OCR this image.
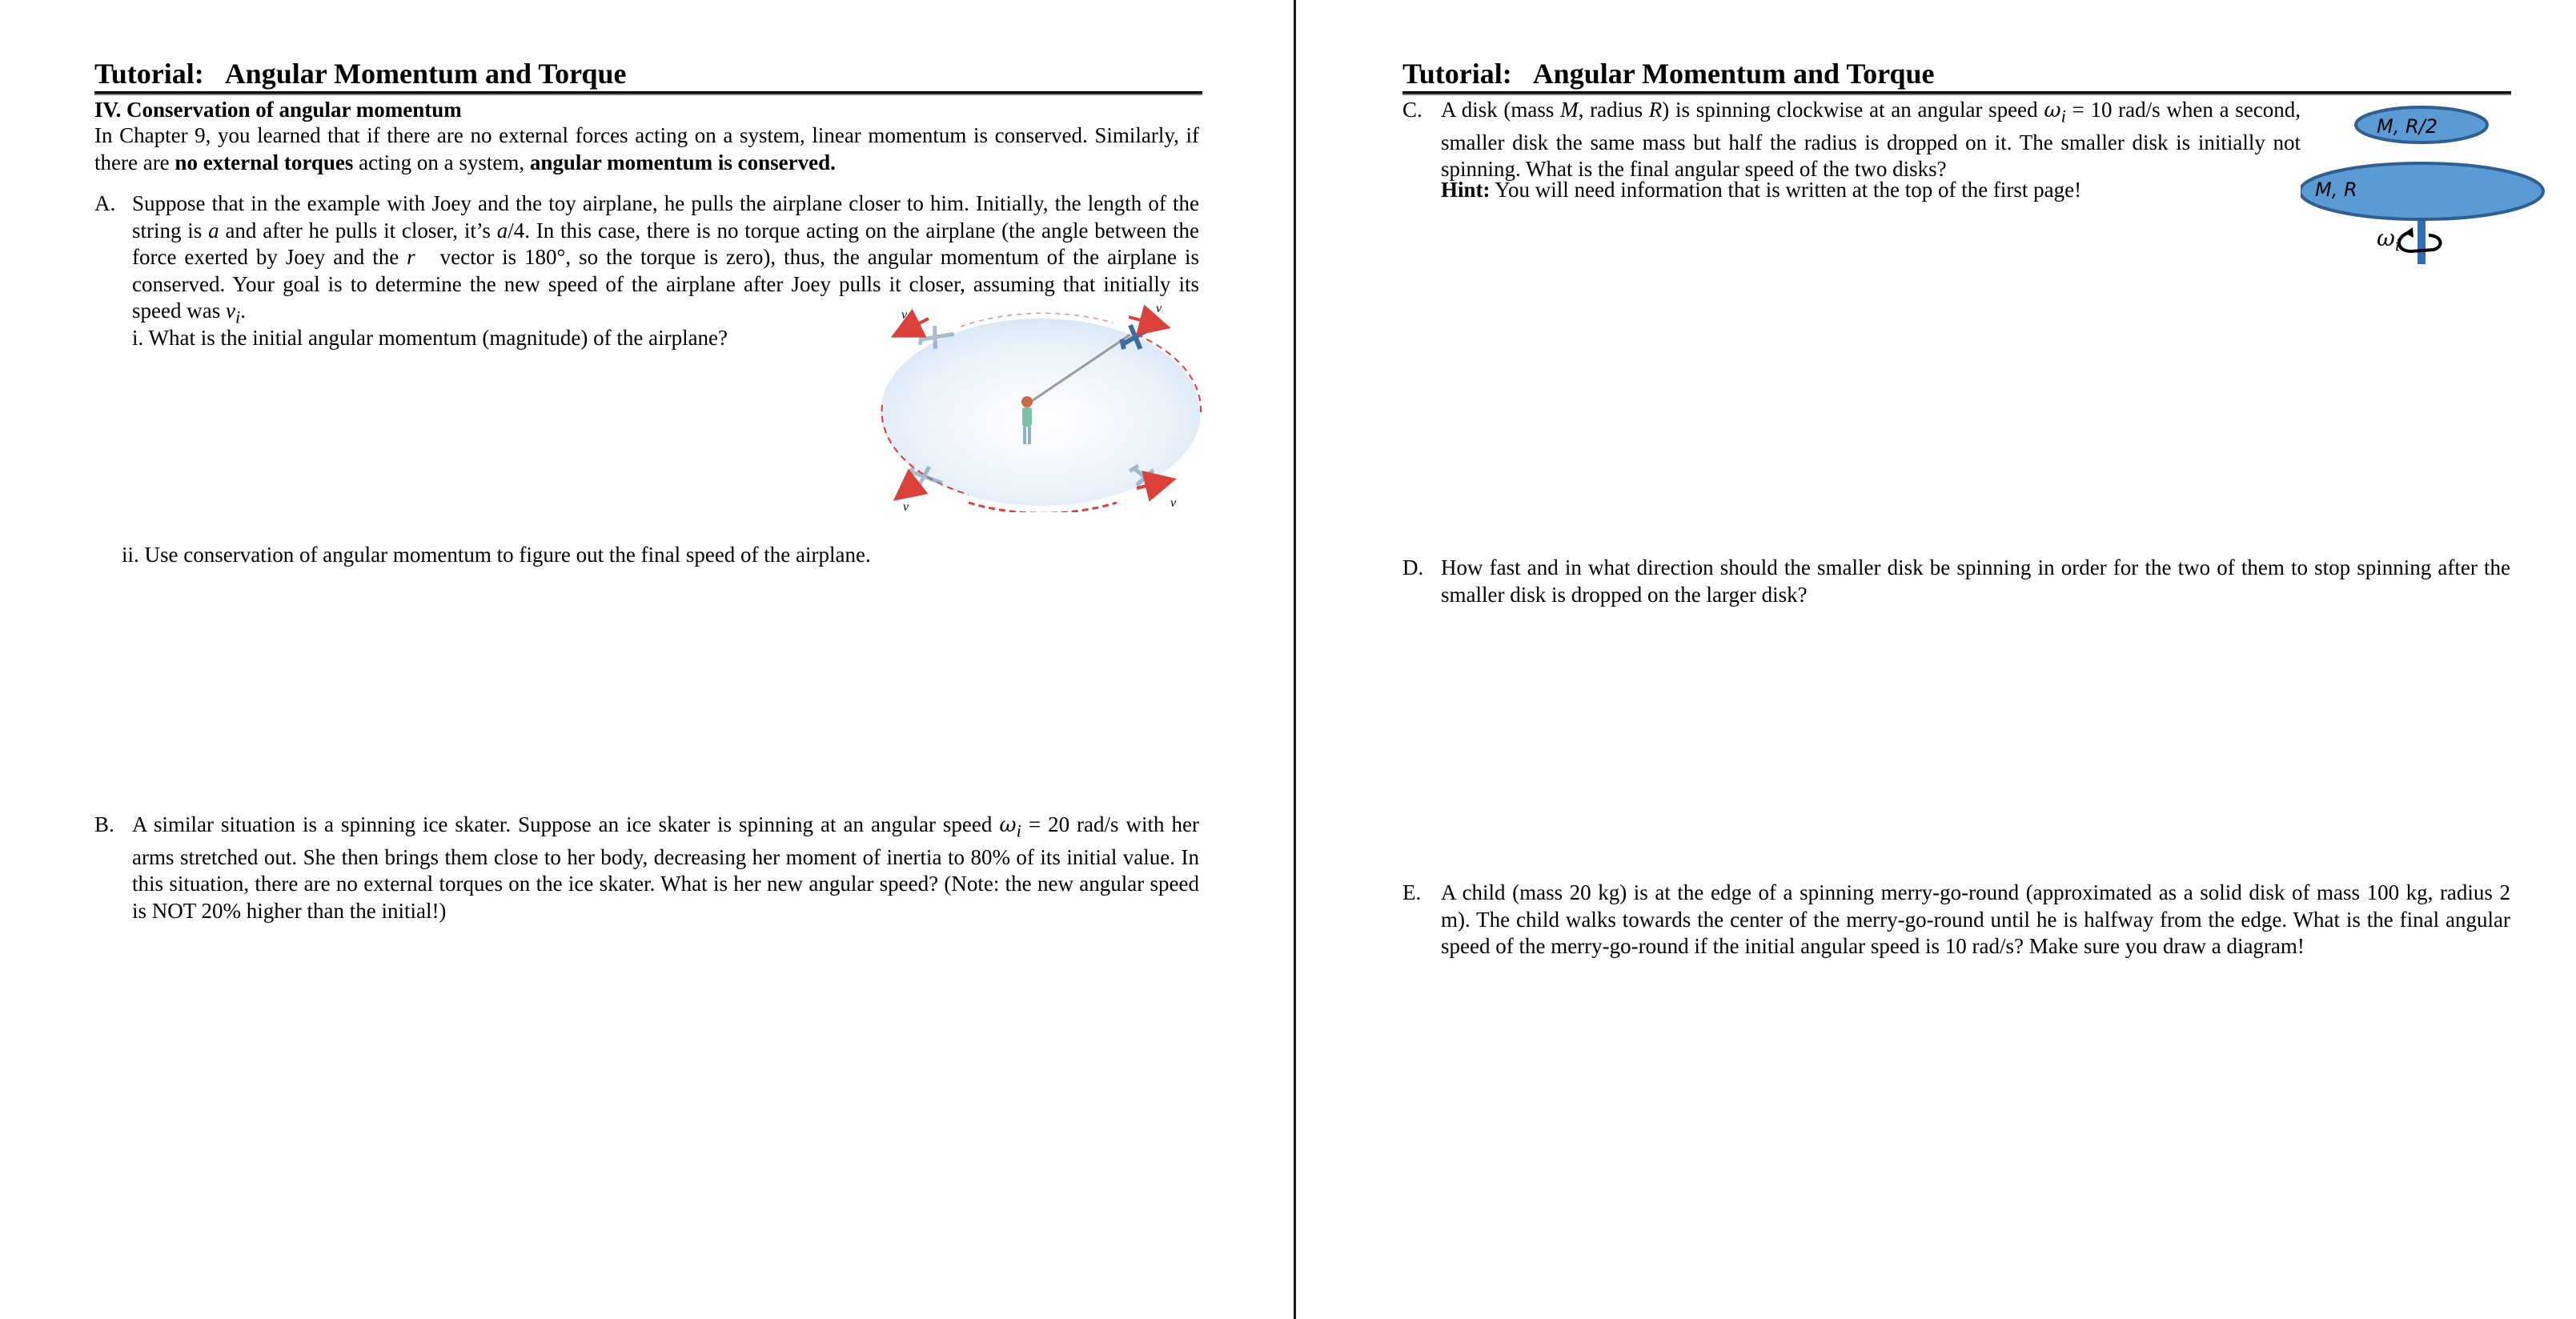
Tutorial: Angular Momentum and Torque
IV. Conservation of angular momentum
In Chapter 9, you learned that if there are no external forces acting on a system, linear momentum is conserved. Similarly, if there are no external torques acting on a system, angular momentum is conserved.
A. Suppose that in the example with Joey and the toy airplane, he pulls the airplane closer to him. Initially, the length of the string is a and after he pulls it closer, it’s a/4. In this case, there is no torque acting on the airplane (the angle between the force exerted by Joey and the r⃗ vector is 180°, so the torque is zero), thus, the angular momentum of the airplane is conserved. Your goal is to determine the new speed of the airplane after Joey pulls it closer, assuming that initially its speed was $v_i$.
i. What is the initial angular momentum (magnitude) of the airplane?
v	v
v	v
ii. Use conservation of angular momentum to figure out the final speed of the airplane.
B. A similar situation is a spinning ice skater. Suppose an ice skater is spinning at an angular speed $\omega_i = 20$ rad/s with her arms stretched out. She then brings them close to her body, decreasing her moment of inertia to 80% of its initial value. In this situation, there are no external torques on the ice skater. What is her new angular speed? (Note: the new angular speed is NOT 20% higher than the initial!)
Tutorial: Angular Momentum and Torque
C. A disk (mass M, radius R) is spinning clockwise at an angular speed $\omega_i = 10$ rad/s when a second, smaller disk the same mass but half the radius is dropped on it. The smaller disk is initially not spinning. What is the final angular speed of the two disks?
Hint: You will need information that is written at the top of the first page!
M, R/2
M, R
$\omega_i$
D. How fast and in what direction should the smaller disk be spinning in order for the two of them to stop spinning after the smaller disk is dropped on the larger disk?
E. A child (mass 20 kg) is at the edge of a spinning merry-go-round (approximated as a solid disk of mass 100 kg, radius 2 m). The child walks towards the center of the merry-go-round until he is halfway from the edge. What is the final angular speed of the merry-go-round if the initial angular speed is 10 rad/s? Make sure you draw a diagram!
